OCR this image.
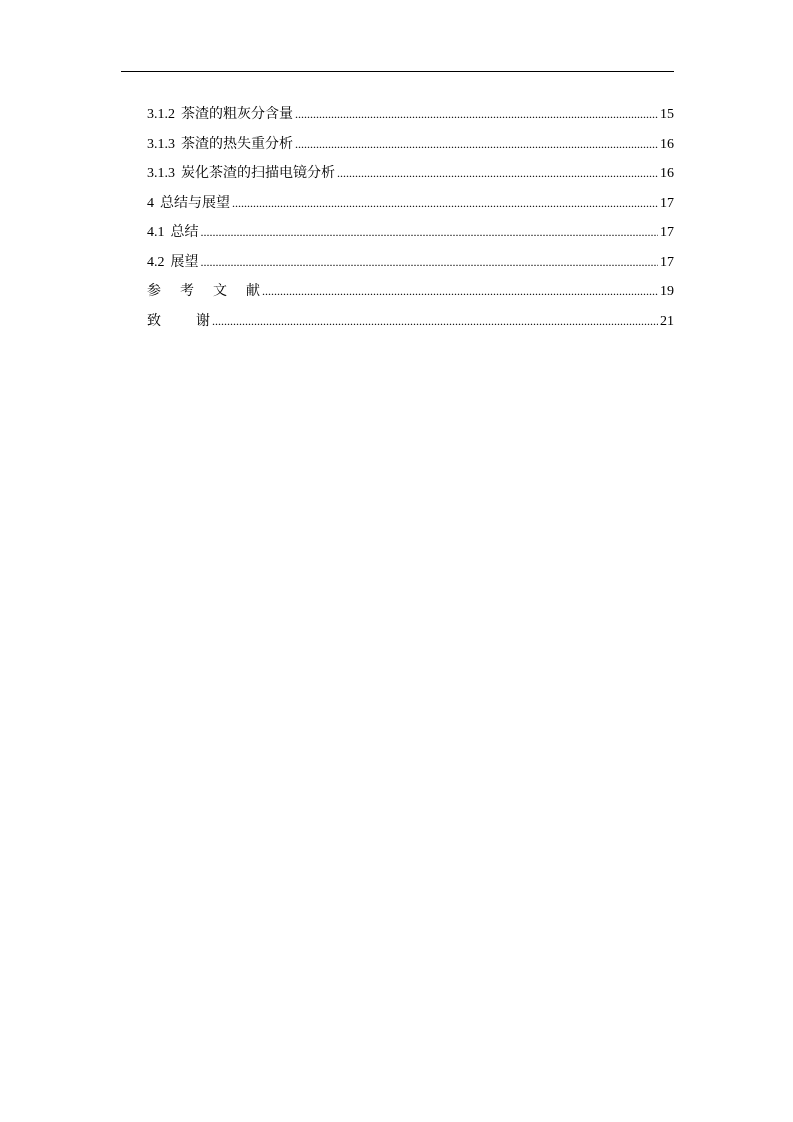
3.1.2 茶渣的粗灰分含量 .....	15
3.1.3 茶渣的热失重分析 .....	16
3.1.3 炭化茶渣的扫描电镜分析 .....	16
4 总结与展望 .....	17
4.1 总结 .....	17
4.2 展望 .....	17
参 考 文 献 .....	19
致	谢 .....	21
